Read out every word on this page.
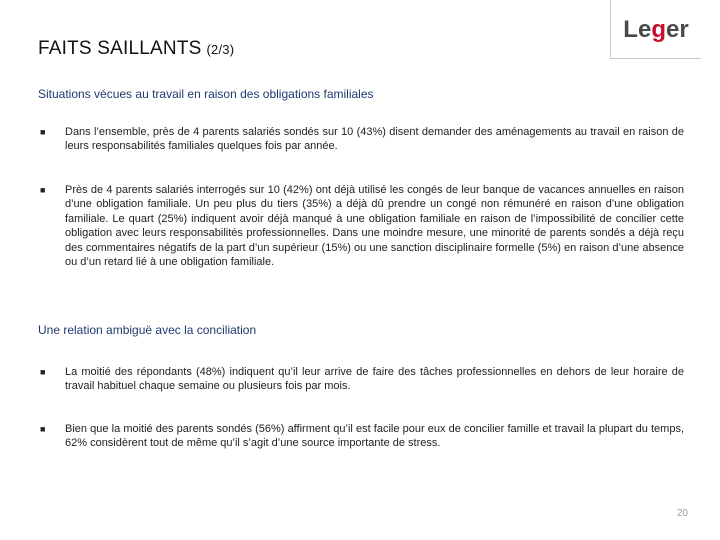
FAITS SAILLANTS (2/3)
Leger
Situations vécues au travail en raison des obligations familiales
■	Dans l’ensemble, près de 4 parents salariés sondés sur 10 (43%) disent demander des aménagements au travail en raison de leurs responsabilités familiales quelques fois par année.
■	Près de 4 parents salariés interrogés sur 10 (42%) ont déjà utilisé les congés de leur banque de vacances annuelles en raison d’une obligation familiale. Un peu plus du tiers (35%) a déjà dû prendre un congé non rémunéré en raison d’une obligation familiale. Le quart (25%) indiquent avoir déjà manqué à une obligation familiale en raison de l’impossibilité de concilier cette obligation avec leurs responsabilités professionnelles. Dans une moindre mesure, une minorité de parents sondés a déjà reçu des commentaires négatifs de la part d’un supérieur (15%) ou une sanction disciplinaire formelle (5%) en raison d’une absence ou d’un retard lié à une obligation familiale.
Une relation ambiguë avec la conciliation
■	La moitié des répondants (48%) indiquent qu’il leur arrive de faire des tâches professionnelles en dehors de leur horaire de travail habituel chaque semaine ou plusieurs fois par mois.
■	Bien que la moitié des parents sondés (56%) affirment qu’il est facile pour eux de concilier famille et travail la plupart du temps, 62% considèrent tout de même qu’il s’agit d’une source importante de stress.
20
